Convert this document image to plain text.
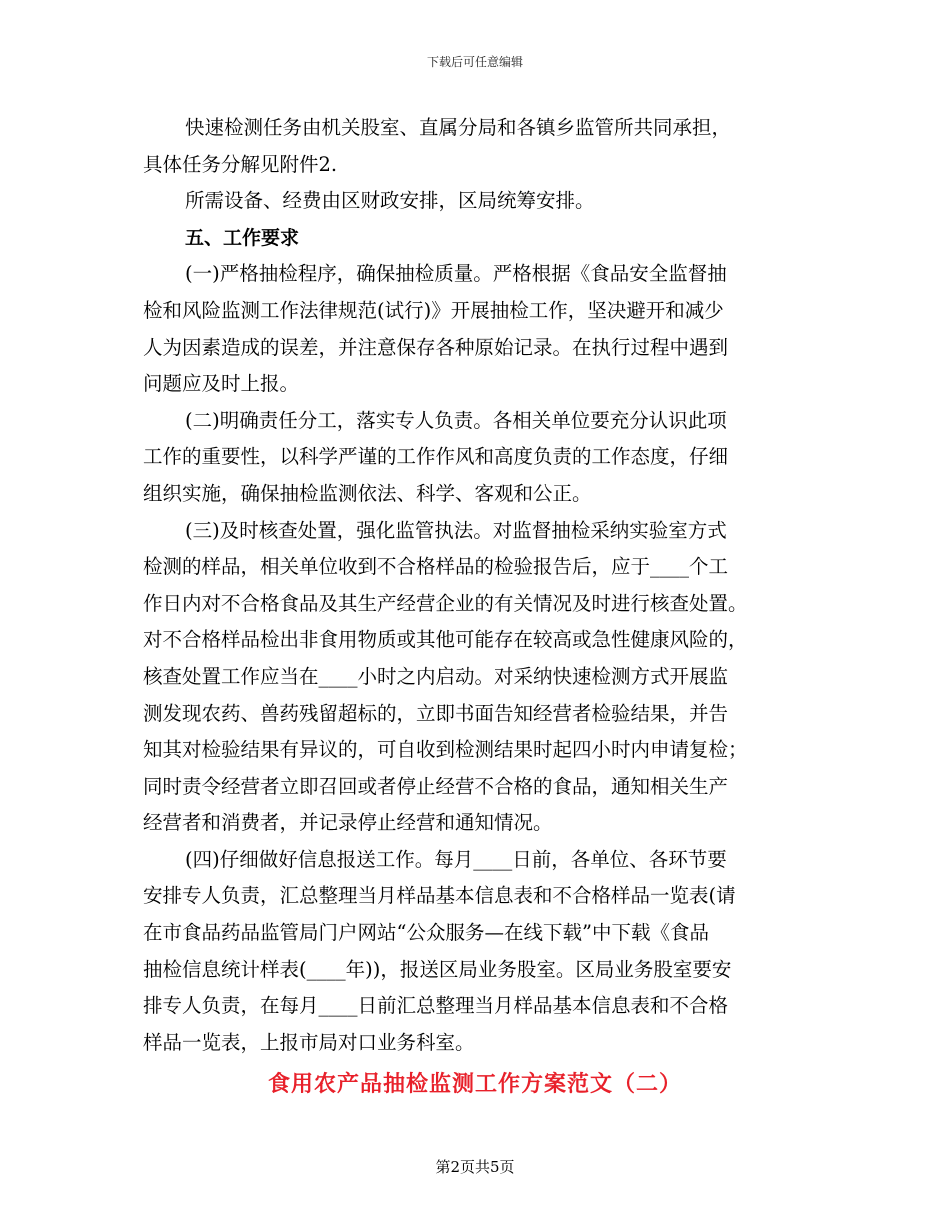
下载后可任意编辑
快速检测任务由机关股室、直属分局和各镇乡监管所共同承担，
具体任务分解见附件2.
所需设备、经费由区财政安排，区局统筹安排。
五、工作要求
(一)严格抽检程序，确保抽检质量。严格根据《食品安全监督抽
检和风险监测工作法律规范(试行)》开展抽检工作，坚决避开和减少
人为因素造成的误差，并注意保存各种原始记录。在执行过程中遇到
问题应及时上报。
(二)明确责任分工，落实专人负责。各相关单位要充分认识此项
工作的重要性，以科学严谨的工作作风和高度负责的工作态度，仔细
组织实施，确保抽检监测依法、科学、客观和公正。
(三)及时核查处置，强化监管执法。对监督抽检采纳实验室方式
检测的样品，相关单位收到不合格样品的检验报告后，应于____个工
作日内对不合格食品及其生产经营企业的有关情况及时进行核查处置。
对不合格样品检出非食用物质或其他可能存在较高或急性健康风险的，
核查处置工作应当在____小时之内启动。对采纳快速检测方式开展监
测发现农药、兽药残留超标的，立即书面告知经营者检验结果，并告
知其对检验结果有异议的，可自收到检测结果时起四小时内申请复检；
同时责令经营者立即召回或者停止经营不合格的食品，通知相关生产
经营者和消费者，并记录停止经营和通知情况。
(四)仔细做好信息报送工作。每月____日前，各单位、各环节要
安排专人负责，汇总整理当月样品基本信息表和不合格样品一览表(请
在市食品药品监管局门户网站“公众服务—在线下载”中下载《食品
抽检信息统计样表(____年))，报送区局业务股室。区局业务股室要安
排专人负责，在每月____日前汇总整理当月样品基本信息表和不合格
样品一览表，上报市局对口业务科室。
食用农产品抽检监测工作方案范文（二）
第2页共5页
